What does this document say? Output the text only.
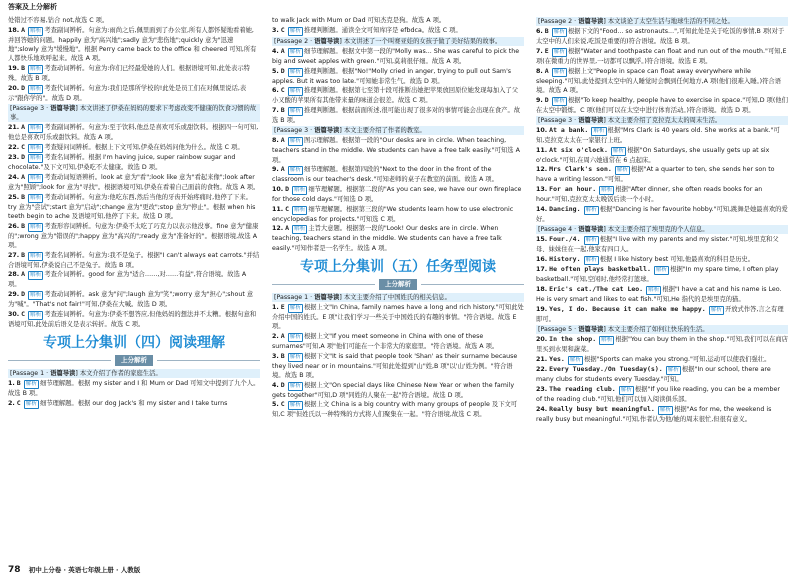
答案及上分解析
处错过不容易,钻合 not,故选 C 项。
18. A 解析 考查副词辨析。句意为:雨尚之后,佩里面到了办公室,所有人都怀疑地看着她,并回答她的问题。happily 意为"高兴地";sadly 意为"悲伤地";quickly 意为"迅速地";slowly 意为"缓慢地"。根据 Perry came back to the office 和 cheered 可知,所有人都快乐地欢呼起来。故选 A 项。
19. B 解析 考查动词辨析。句意为:你们已经最爱她的人们。根据语境可知,此处表示特殊。故选 B 项。
20. D 解析 考查代词辨析。句意为:我们是那所学校的!此处是员工们在对佩里说话,表示"跟你学的"。故选 D 项。
[Passage 3 · 语篇导读] 本文讲述了伊桑在妈妈的要求下考虑改变不健康的饮食习惯的故事。
21. A 解析 考查副词辨析。句意为:至于饮料,他总是喜欢可乐或甜饮料。根据四一句可知,他总是喜欢可乐或甜饮料。故选 A 项。
22. C 解析 考查疑问词辨析。根据上下文可知,伊桑在妈妈问他为什么。故选 C 项。
23. D 解析 考查名词辨析。根据 I'm having juice, super rainbow sugar and chocolate."及下文可知,伊桑吃不太健康。故选 D 项。
24. A 解析 考查动词短语辨析。look at 意为"看";look like 意为"看起来像";look after 意为"照顾";look for 意为"寻找"。根据语境可知,伊桑在看着自己面前的食物。故选 A 项。
25. B 解析 考查动词辨析。句意为:他吃东西,然后当他的牙齿开始疼痛时,他停了下来。try 意为"尝试";start 意为"启动";change 意为"更改";stop 意为"停止"。根据 when his teeth begin to ache 及语境可知,他停了下来。故选 D 项。
26. B 解析 考查形容词辨析。句意为:伊桑不太吃了巧克力以表示他没事。fine 意为"健康的";wrong 意为"错误的";happy 意为"高兴的";ready 意为"准备好的"。根据语境,故选 A 项。
27. B 解析 考查名词辨析。句意为:我不是兔子。根据"I can't always eat carrots."并结合语境可知,伊桑说自己不是兔子。故选 B 项。
28. A 解析 考查介词辨析。good for 意为"适合……,对……有益",符合语境。故选 A 项。
29. D 解析 考查动词辨析。ask 意为"问";laugh 意为"笑";worry 意为"担心";shout 意为"喊"。"That's not fair!"可知,伊桑在大喊。故选 D 项。
30. C 解析 考查连词辨析。句意为:伊桑不想答应,但他妈妈的想法并不太糟。根据句意和语境可知,此处前后语义是表示转折。故选 C 项。
专项上分集训（四）阅读理解
上分解析
[Passage 1 · 语篇导读] 本文介绍了作者的家庭生活。
1. B 解析 细节理解题。根据 my sister and I 和 Mum or Dad 可知文中提到了九个人。故选 B 项。
2. C 解析 细节理解题。根据 our dog Jack's 和 my sister and I take turns
to walk Jack with Mum or Dad 可知杰克是狗。故选 A 项。
3. C 解析 推理判断题。通读全文可知库序是 efbdca。故选 C 项。
[Passage 2 · 语篇导读] 本文讲述了一个叫赛亚娃的女孩子做了美好结果的故事。
4. A 解析 细节理解题。根据文中第一段的"Molly was... She was careful to pick the big and sweet apples with green."可知,莫莉很仔细。故选 A 项。
5. D 解析 推理判断题。根据"No!"Molly cried in anger, trying to pull out Sam's apples. But it was too late."可知她非常生气。故选 D 项。
6. C 解析 推理判断题。根据第七至第十段可推断出她把苹果放回原位她发现每加入了父小又酸的苹果所有其他带来量的味道会很差。故选 C 项。
7. B 解析 推理判断题。根据前面所述,很可能出现了很多对的事情可能会出现在食产。故选 B 项。
[Passage 3 · 语篇导读] 本文主要介绍了作者的教室。
8. A 解析 图示理解题。根据第一段的"Our desks are in circle. When teaching, teachers stand in the middle. We students can have a free talk easily."可知选 A 项。
9. A 解析 细节理解题。根据第四段的"Next to the door in the front of the classroom is our teacher's desk."可知老师的桌子在教室的前面。故选 A 项。
10. D 解析 细节理解题。根据第二段的"As you can see, we have our own fireplace for those cold days."可知选 D 项。
11. C 解析 细节理解题。根据第三段的"We students learn how to use electronic encyclopedias for projects."可知选 C 项。
12. A 解析 主旨大意题。根据第一段的"Look! Our desks are in circle. When teaching, teachers stand in the middle. We students can have a free talk easily."可知作者是一名学生。故选 A 项。
专项上分集训（五）任务型阅读
上分解析
[Passage 1 · 语篇导读] 本文主要介绍了中国姓氏的相关信息。
1. E 解析 根据上文"In China, family names have a long and rich history."可知此处介绍中国的姓氏。E 项"让我们学习一些关于中国姓氏的有趣的事情。"符合语境。故选 E 项。
2. A 解析 根据上文"If you meet someone in China with one of these surnames"可知,A 项"他们可能在一个非常大的家庭里。"符合语境。故选 A 项。
3. B 解析 根据下文"It is said that people took 'Shan' as their surname because they lived near or in mountains."可知此处提到"山"姓,B 项"以'山'姓为例。"符合语境。故选 B 项。
4. D 解析 根据上文"On special days like Chinese New Year or when the family gets together"可知,D 项"同姓的人聚在一起"符合语境。故选 D 项。
5. C 解析 根据上文 China is a big country with many groups of people 及下文可知,C 项"但姓氏以一种特殊的方式将人们聚集在一起。"符合语境,故选 C 项。
[Passage 2 · 语篇导读] 本文谈论了太空生活与地球生活的不同之处。
6. B 解析 根据下文的"Food... so astronauts...",可知此处是关于吃饭的事情,B 项(对于太空中的人们来说,吃饭是重要的)符合语境。故选 B 项。
7. E 解析 根据"Water and toothpaste can float and run out of the mouth."可知,E 项(在微重力的世界里,一切都可以飘浮。)符合语境。故选 E 项。
8. A 解析 根据上文"People in space can float away everywhere while sleeping."可知,此处提到太空中的人睡觉时会飘到任何地方,A 项(他们很难入睡。)符合语境。故选 A 项。
9. D 解析 根据"To keep healthy, people have to exercise in space."可知,D 项(他们在太空中锻炼。C 项(他们可以在太空中进行体育活动。)符合语境。故选 D 项。
[Passage 3 · 语篇导读] 本文主要介绍了克拉克太太的周末生活。
10. At a bank. 解析 根据"Mrs Clark is 40 years old. She works at a bank."可知,克拉克太太在一家银行上班。
11. At six o'clock. 解析 根据"On Saturdays, she usually gets up at six o'clock."可知,在周六她通常在 6 点起床。
12. Mrs Clark's son. 解析 根据"At a quarter to ten, she sends her son to have a writing lesson."可知。
13. For an hour. 解析 根据"After dinner, she often reads books for an hour."可知,克拉克太太晚饭后读一个小时。
14. Dancing. 解析 根据"Dancing is her favourite hobby."可知,跳舞是她最喜欢的爱好。
[Passage 4 · 语篇导读] 本文主要介绍了埃里克的个人信息。
15. Four./4. 解析 根据"I live with my parents and my sister."可知,埃里克和父母、妹妹住在一起,他家有四口人。
16. History. 解析 根据 I like history best 可知,他最喜欢的科目是历史。
17. He often plays basketball. 解析 根据"In my spare time, I often play basketball."可知,空闲时,他经常打篮球。
18. Eric's cat./The cat Leo. 解析 根据"I have a cat and his name is Leo. He is very smart and likes to eat fish."可知,He 指代的是埃里克的猫。
19. Yes, I do. Because it can make me happy. 解析 开放式作答,言之有理即可。
[Passage 5 · 语篇导读] 本文主要介绍了如何让快乐的生活。
20. In the shop. 解析 根据"You can buy them in the shop."可知,我们可以在商店里买到水果和蔬菜。
21. Yes. 解析 根据"Sports can make you strong."可知,运动可以使我们强壮。
22. Every Tuesday./On Tuesday(s). 解析 根据"In our school, there are many clubs for students every Tuesday."可知。
23. The reading club. 解析 根据"If you like reading, you can be a member of the reading club."可知,他们可以加入阅读俱乐部。
24. Really busy but meaningful. 解析 根据"As for me, the weekend is really busy but meaningful."可知,作者认为他/她的周末很忙,但很有意义。
78 初中上分卷 · 英语七年级上册 · 人教版
